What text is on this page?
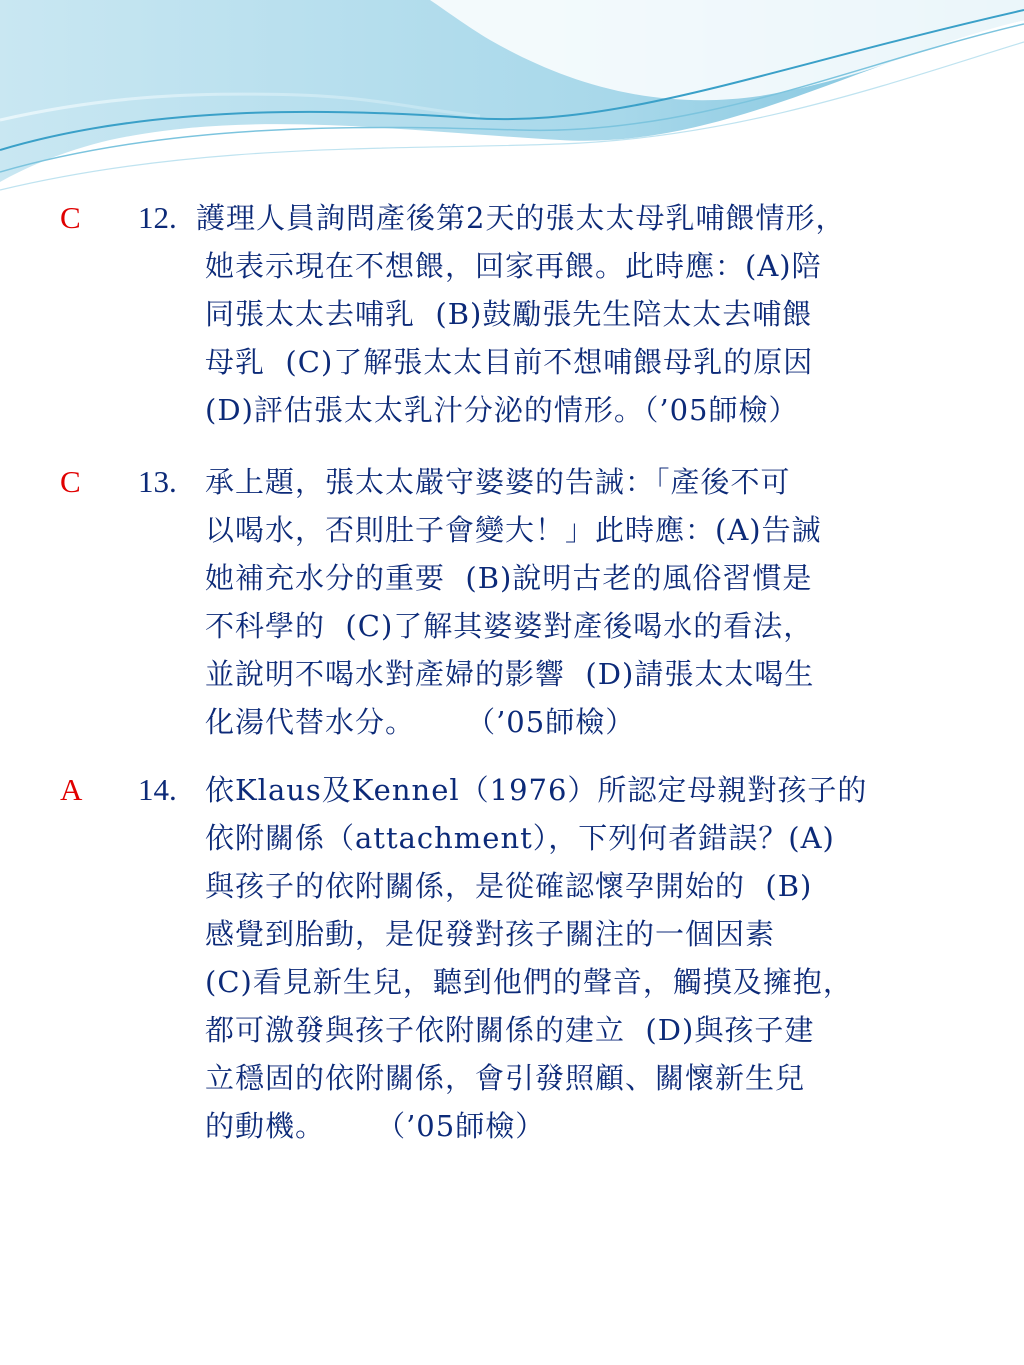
C 12. 護理人員詢問產後第2天的張太太母乳哺餵情形，
她表示現在不想餵，回家再餵。此時應：(A)陪
同張太太去哺乳  (B)鼓勵張先生陪太太去哺餵
母乳  (C)了解張太太目前不想哺餵母乳的原因
(D)評估張太太乳汁分泌的情形。（’05師檢）
C 13. 承上題，張太太嚴守婆婆的告誡：「產後不可
以喝水，否則肚子會變大！」此時應：(A)告誡
她補充水分的重要  (B)說明古老的風俗習慣是
不科學的  (C)了解其婆婆對產後喝水的看法，
並說明不喝水對產婦的影響  (D)請張太太喝生
化湯代替水分。     （’05師檢）
A 14. 依Klaus及Kennel（1976）所認定母親對孩子的
依附關係（attachment），下列何者錯誤？(A)
與孩子的依附關係，是從確認懷孕開始的  (B)
感覺到胎動，是促發對孩子關注的一個因素
(C)看見新生兒，聽到他們的聲音，觸摸及擁抱，
都可激發與孩子依附關係的建立  (D)與孩子建
立穩固的依附關係，會引發照顧、關懷新生兒
的動機。     （’05師檢）
